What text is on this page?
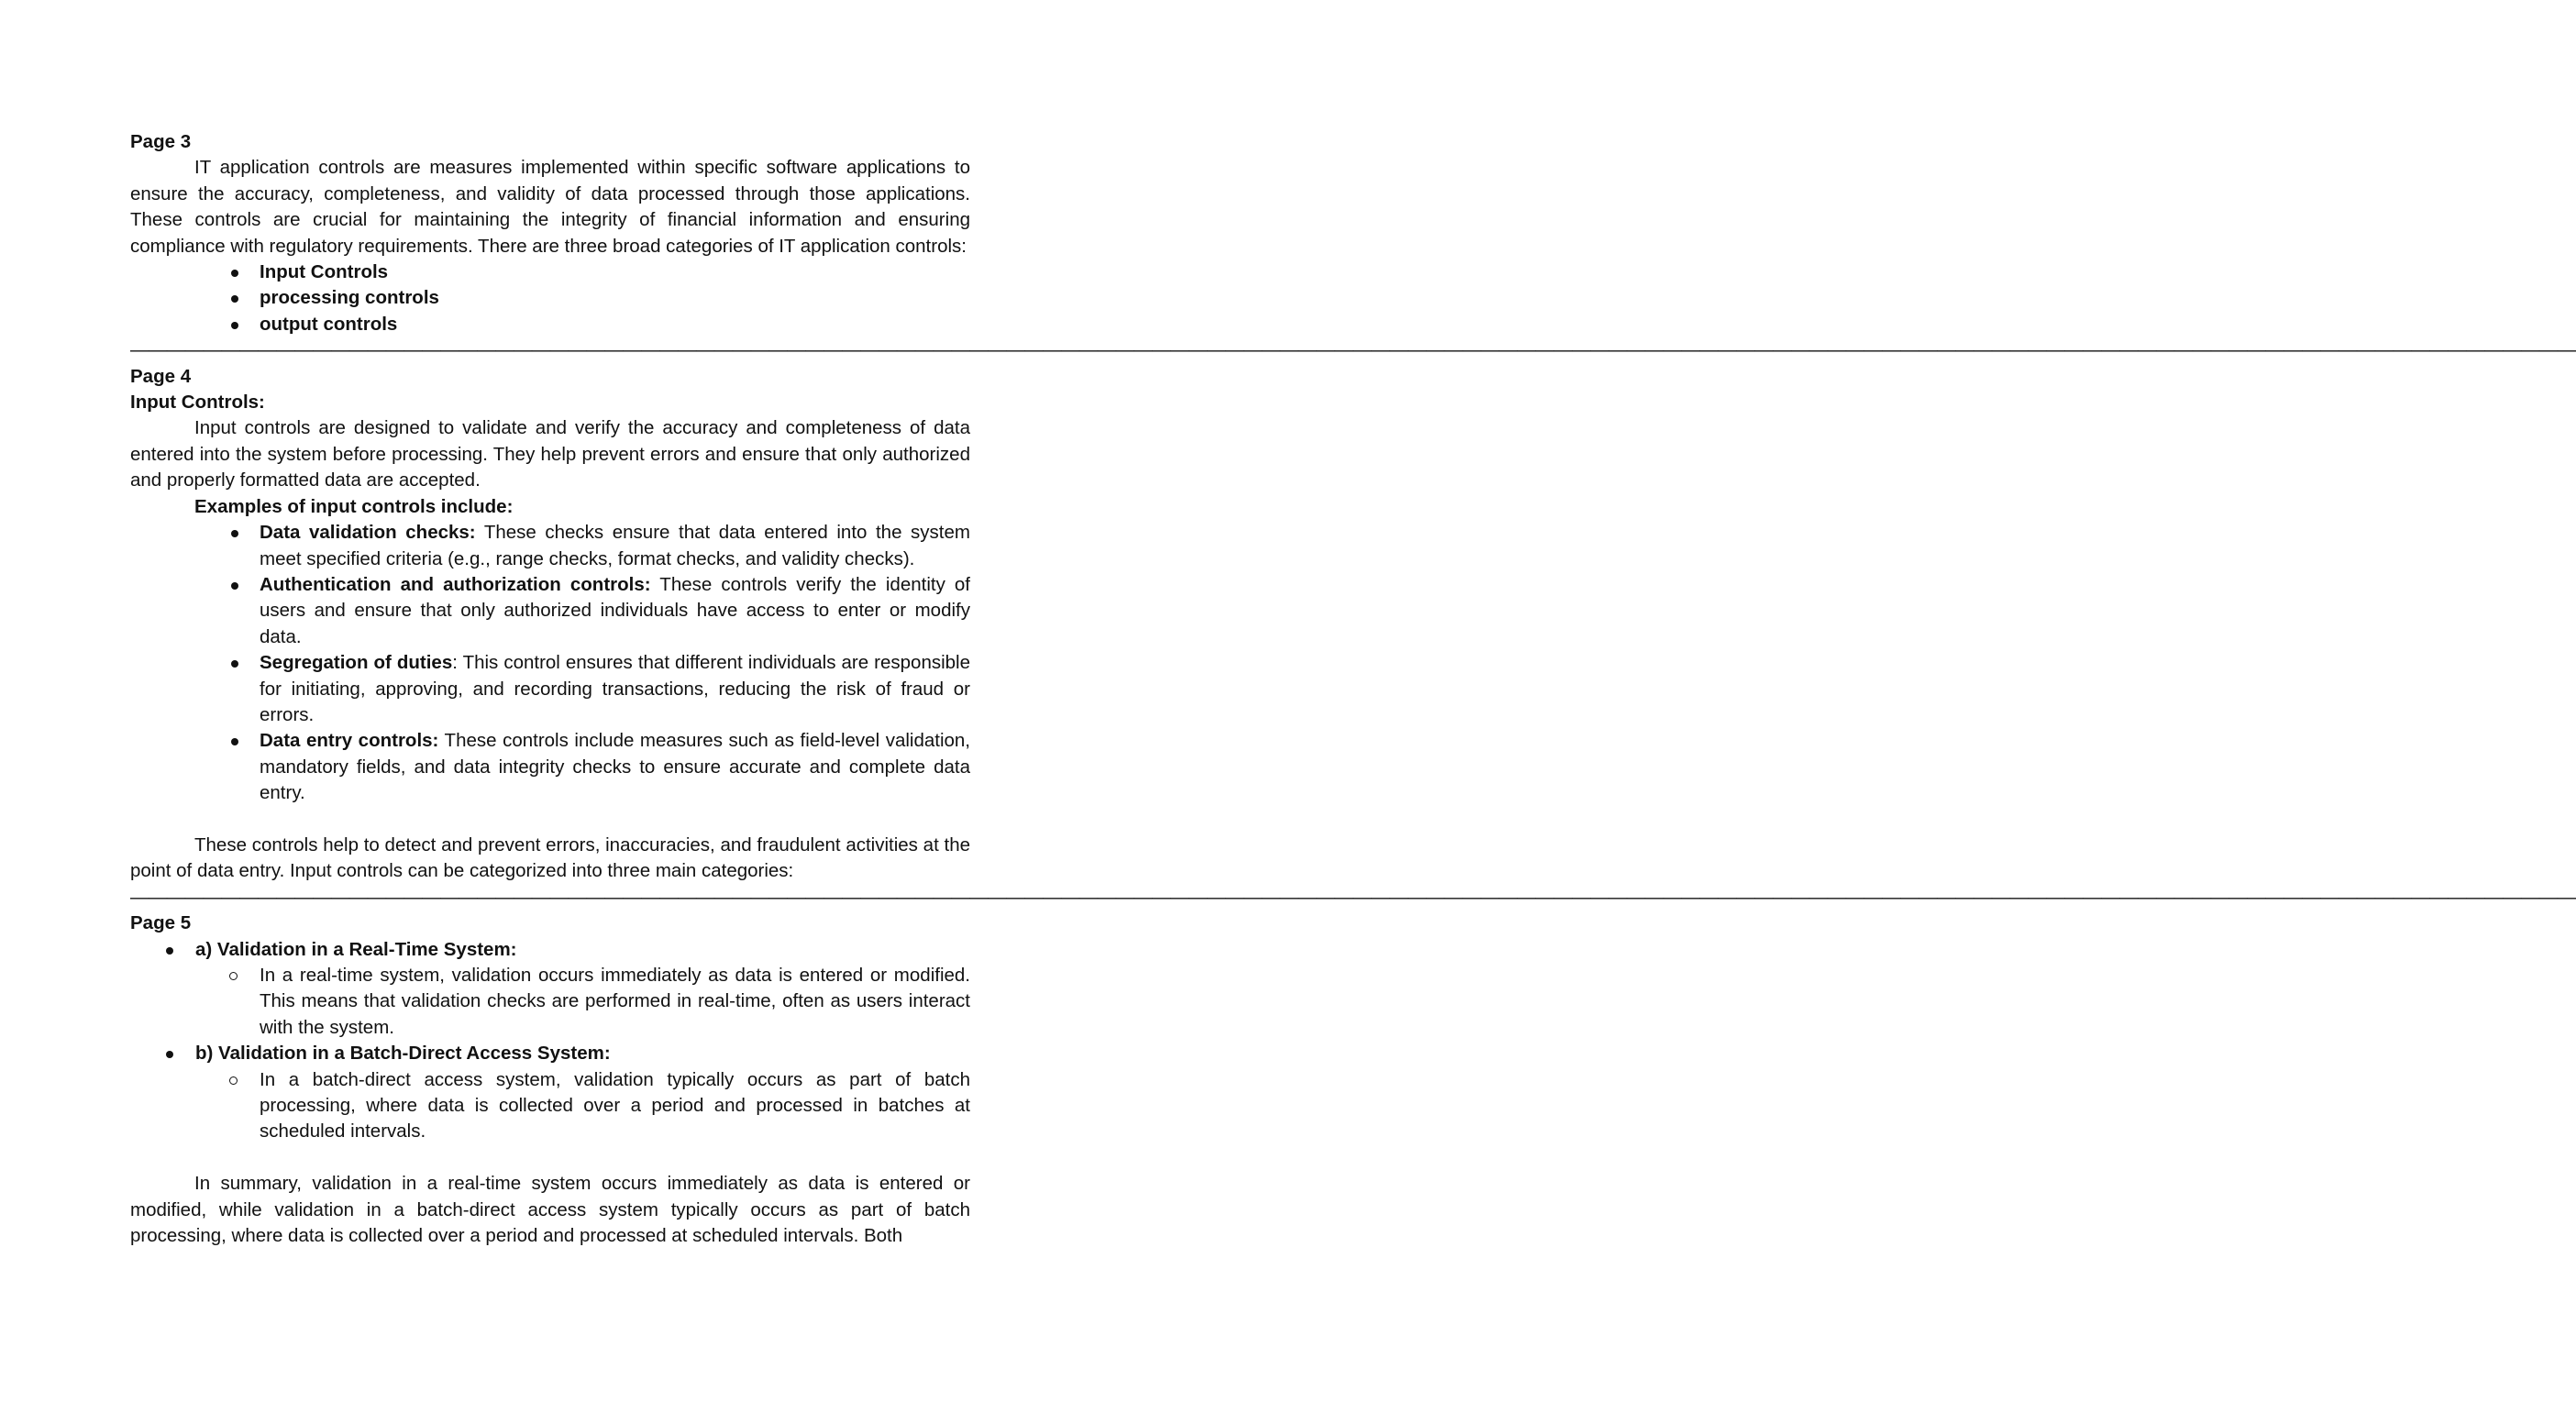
Page 3

IT application controls are measures implemented within specific software applications to ensure the accuracy, completeness, and validity of data processed through those applications. These controls are crucial for maintaining the integrity of financial information and ensuring compliance with regulatory requirements. There are three broad categories of IT application controls:

Input Controls
processing controls
output controls
——————————————————————————————————————————————————————————————————————————————————————————————————————————————————————————————————————

Page 4

Input Controls:

Input controls are designed to validate and verify the accuracy and completeness of data entered into the system before processing. They help prevent errors and ensure that only authorized and properly formatted data are accepted.

Examples of input controls include:

Data validation checks: These checks ensure that data entered into the system meet specified criteria (e.g., range checks, format checks, and validity checks).
Authentication and authorization controls: These controls verify the identity of users and ensure that only authorized individuals have access to enter or modify data.
Segregation of duties: This control ensures that different individuals are responsible for initiating, approving, and recording transactions, reducing the risk of fraud or errors.
Data entry controls: These controls include measures such as field-level validation, mandatory fields, and data integrity checks to ensure accurate and complete data entry.

These controls help to detect and prevent errors, inaccuracies, and fraudulent activities at the point of data entry. Input controls can be categorized into three main categories:

——————————————————————————————————————————————————————————————————————————————————————————————————————————————————————————————————————

Page 5

a) Validation in a Real-Time System:
In a real-time system, validation occurs immediately as data is entered or modified. This means that validation checks are performed in real-time, often as users interact with the system.
b) Validation in a Batch-Direct Access System:
In a batch-direct access system, validation typically occurs as part of batch processing, where data is collected over a period and processed in batches at scheduled intervals.

In summary, validation in a real-time system occurs immediately as data is entered or modified, while validation in a batch-direct access system typically occurs as part of batch processing, where data is collected over a period and processed at scheduled intervals. Both
